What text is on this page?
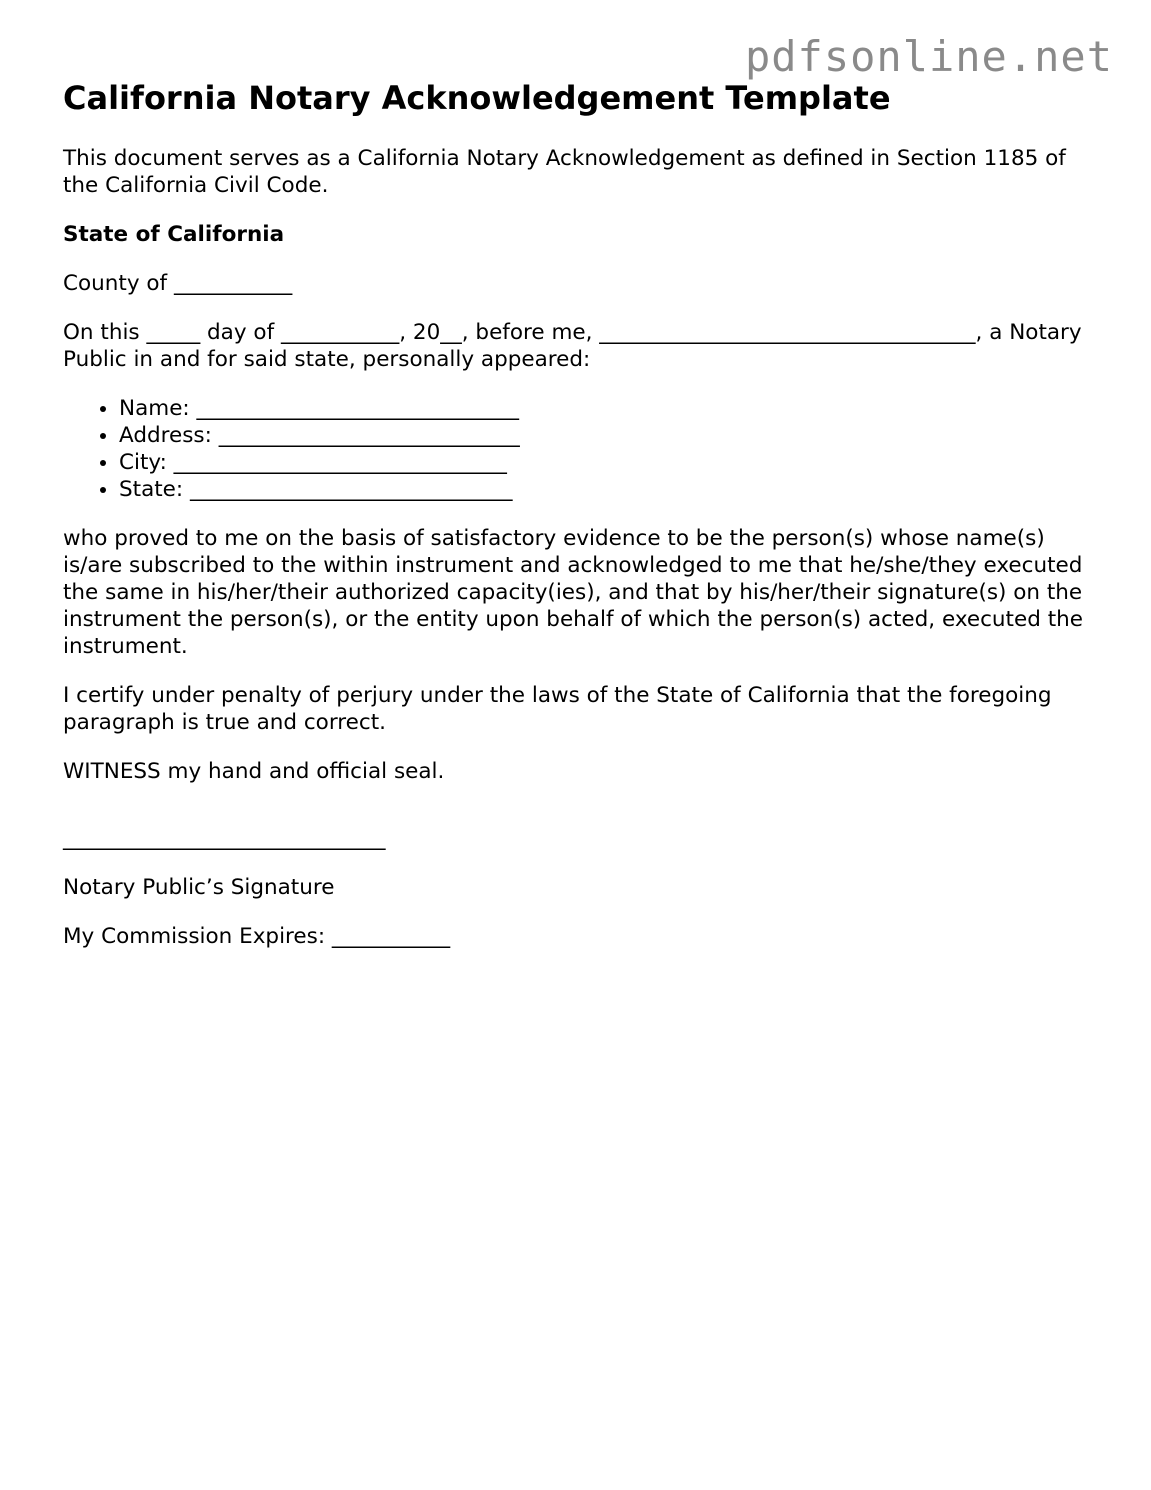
pdfsonline.net
California Notary Acknowledgement Template

This document serves as a California Notary Acknowledgement as defined in Section 1185 of the California Civil Code.

State of California

County of ___________

On this _____ day of ___________, 20__, before me, ___________________________________, a Notary Public in and for said state, personally appeared:

• Name: ______________________________
• Address: ____________________________
• City: _______________________________
• State: ______________________________

who proved to me on the basis of satisfactory evidence to be the person(s) whose name(s) is/are subscribed to the within instrument and acknowledged to me that he/she/they executed the same in his/her/their authorized capacity(ies), and that by his/her/their signature(s) on the instrument the person(s), or the entity upon behalf of which the person(s) acted, executed the instrument.

I certify under penalty of perjury under the laws of the State of California that the foregoing paragraph is true and correct.

WITNESS my hand and official seal.

______________________________

Notary Public’s Signature

My Commission Expires: ___________
